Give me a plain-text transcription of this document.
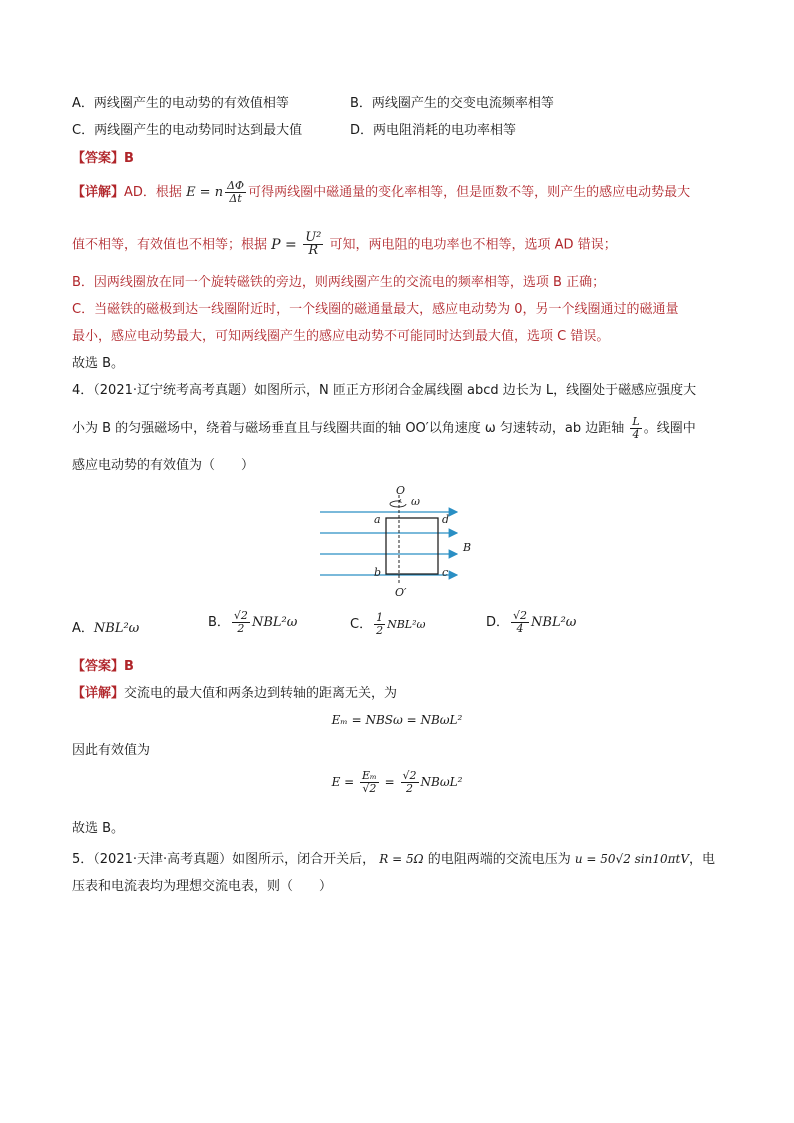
A．两线圈产生的电动势的有效值相等	B．两线圈产生的交变电流频率相等
C．两线圈产生的电动势同时达到最大值	D．两电阻消耗的电功率相等
【答案】B
【详解】AD．根据 E = n $\frac{\Delta\Phi}{\Delta t}$ 可得两线圈中磁通量的变化率相等，但是匝数不等，则产生的感应电动势最大
值不相等，有效值也不相等；根据 $P = \frac{\text{U²}}{R}$ 可知，两电阻的电功率也不相等，选项 AD 错误；
B．因两线圈放在同一个旋转磁铁的旁边，则两线圈产生的交流电的频率相等，选项 B 正确；
C．当磁铁的磁极到达一线圈附近时，一个线圈的磁通量最大，感应电动势为 0，另一个线圈通过的磁通量
最小，感应电动势最大，可知两线圈产生的感应电动势不可能同时达到最大值，选项 C 错误。
故选 B。
4．（2021·辽宁统考高考真题）如图所示，N 匝正方形闭合金属线圈 abcd 边长为 L，线圈处于磁感应强度大
小为 B 的匀强磁场中，绕着与磁场垂直且与线圈共面的轴 OO′以角速度 ω 匀速转动，ab 边距轴 $\frac{L}{4}$ 。线圈中
感应电动势的有效值为（　　）
O
ω
a	d
b	c
B
O′
A．NBL²ω	B． $\frac{√2}{2} NBL^2\omega$	C． $\frac{1}{2} NBL^2\omega$	D． $\frac{√2}{4} NBL^2\omega$
【答案】B
【详解】交流电的最大值和两条边到转轴的距离无关，为
Eₘ = NBSω = NBωL²
因此有效值为
$E = \frac{\text{Eₘ}}{√2} = \frac{√2}{2} NB\omega L^2$
故选 B。
5．（2021·天津·高考真题）如图所示，闭合开关后， R = 5Ω 的电阻两端的交流电压为 u = 50√2 sin10πtV，电
压表和电流表均为理想交流电表，则（　　）
